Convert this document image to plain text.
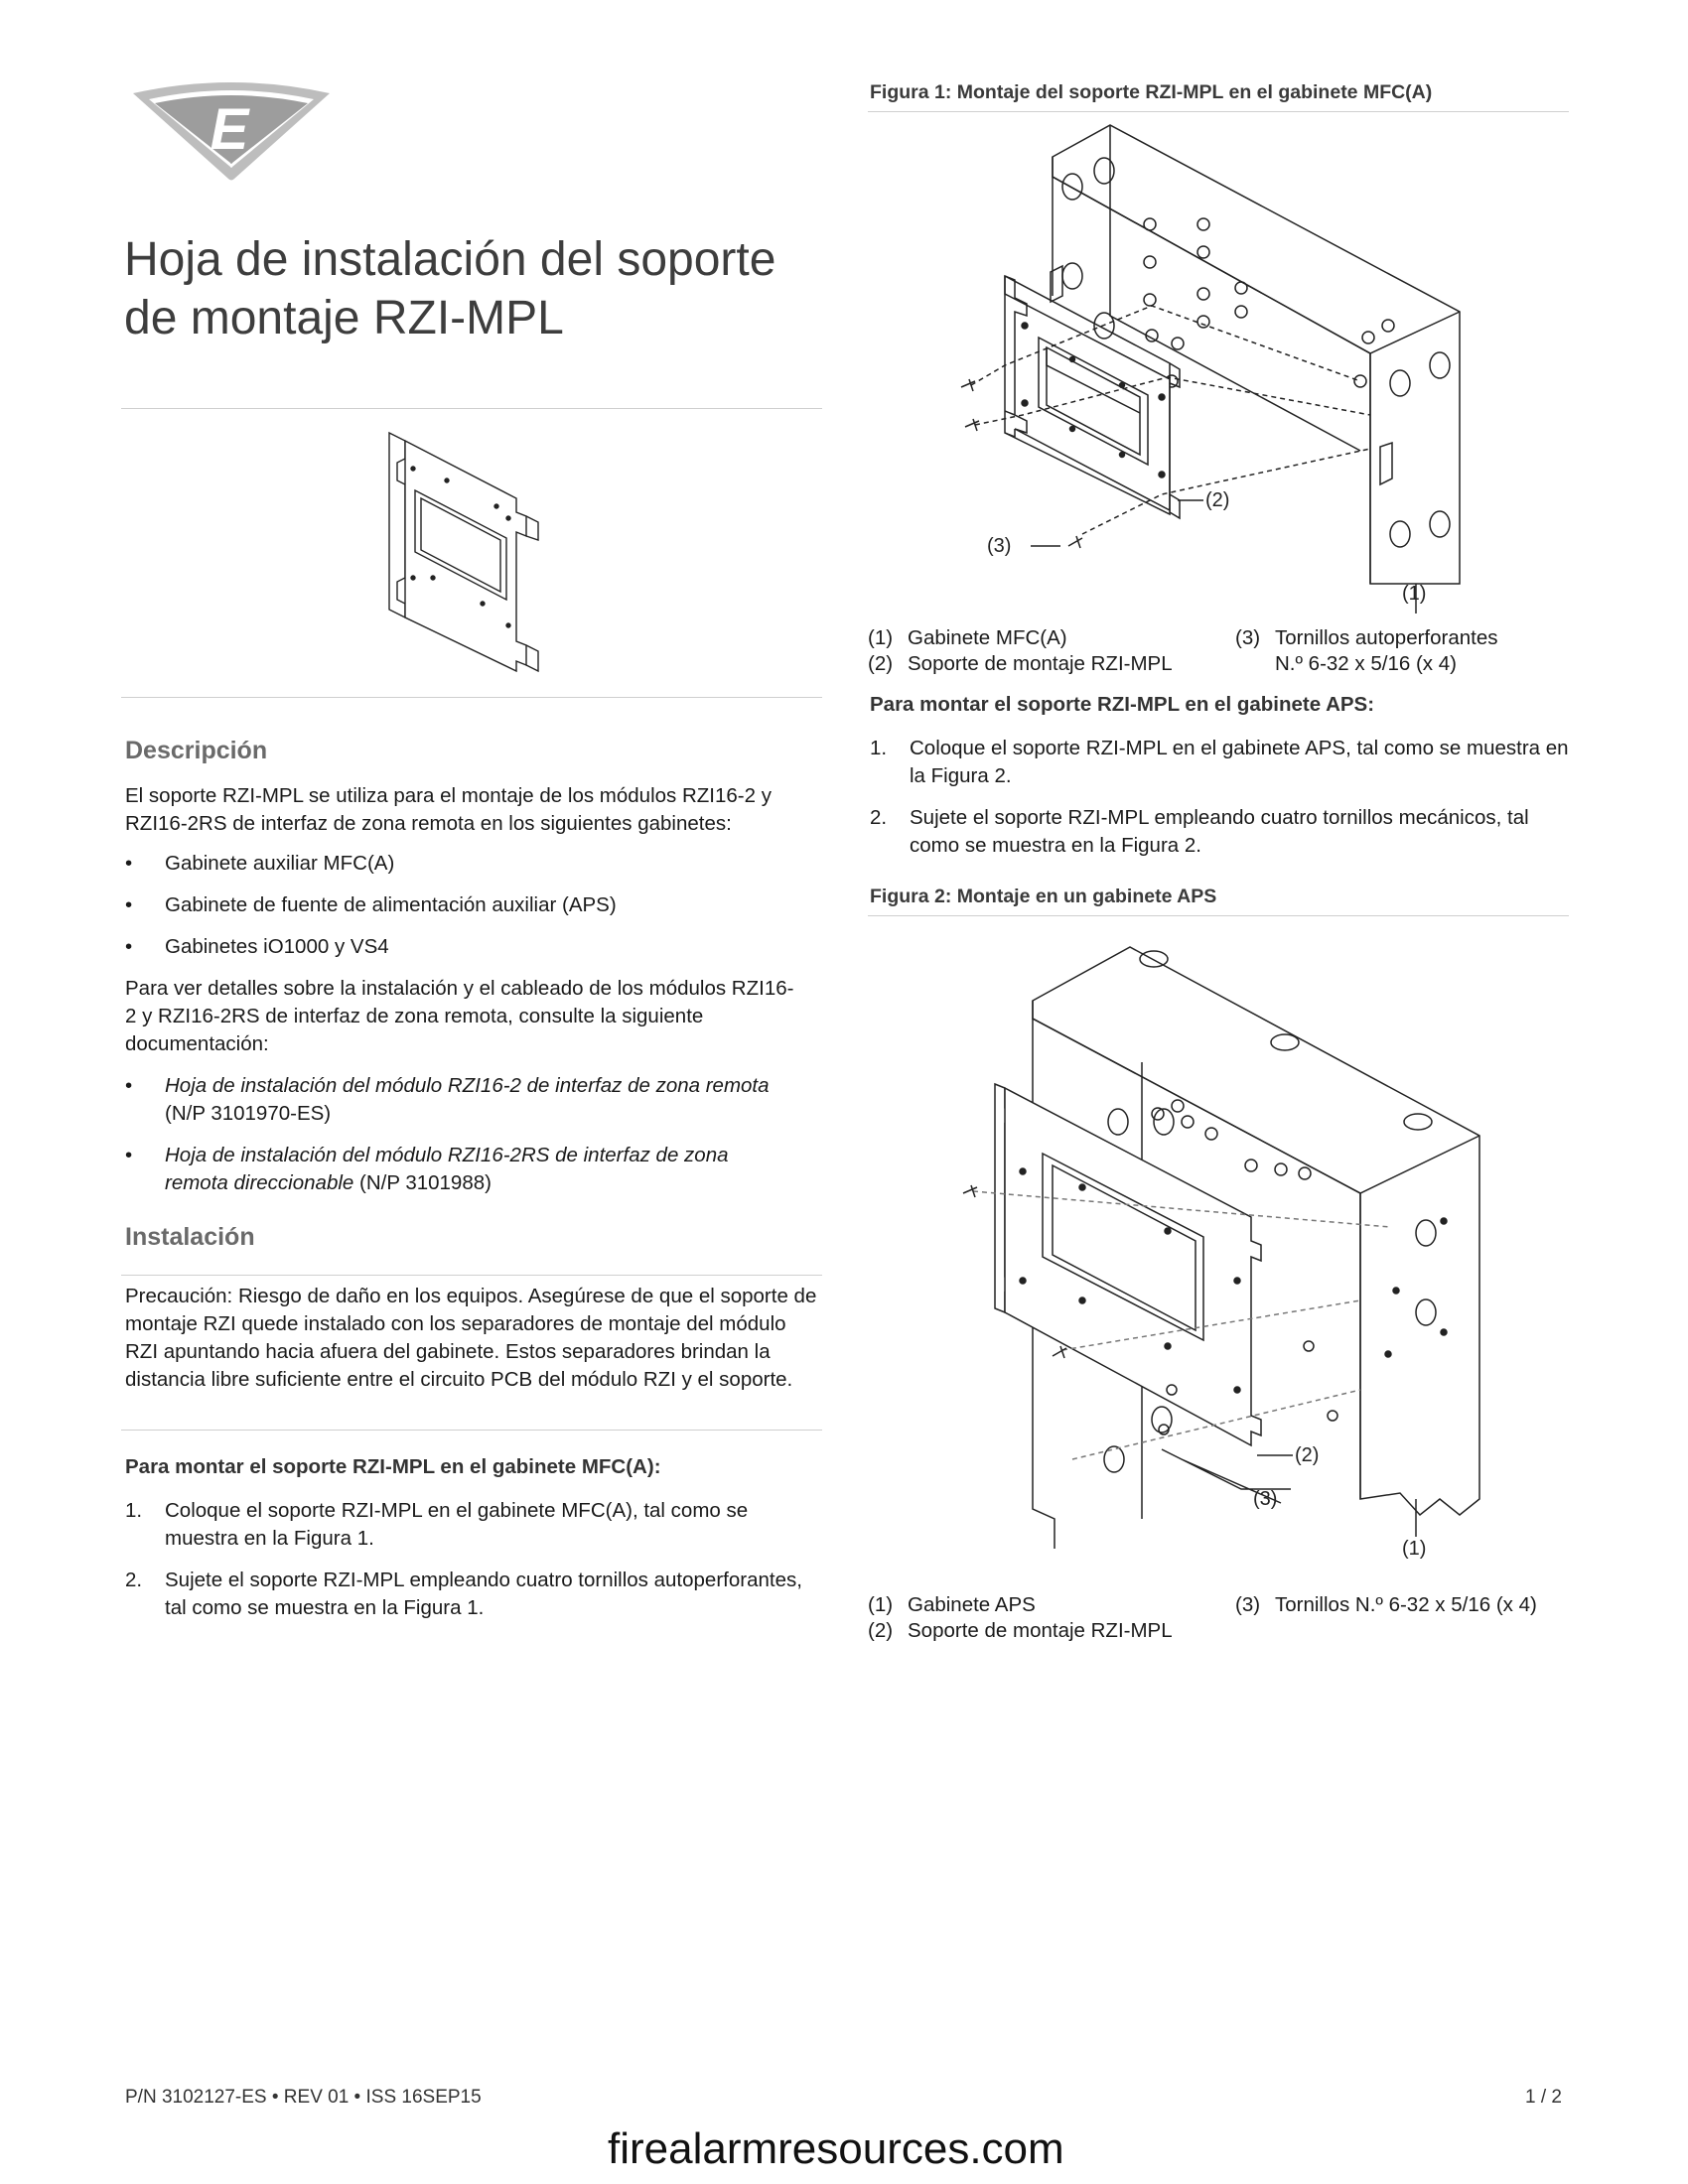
E
Hoja de instalación del soporte
de montaje RZI-MPL
Descripción

El soporte RZI-MPL se utiliza para el montaje de los módulos RZI16-2 y RZI16-2RS de interfaz de zona remota en los siguientes gabinetes:

• Gabinete auxiliar MFC(A)
• Gabinete de fuente de alimentación auxiliar (APS)
• Gabinetes iO1000 y VS4

Para ver detalles sobre la instalación y el cableado de los módulos RZI16-2 y RZI16-2RS de interfaz de zona remota, consulte la siguiente documentación:

• Hoja de instalación del módulo RZI16-2 de interfaz de zona remota (N/P 3101970-ES)
• Hoja de instalación del módulo RZI16-2RS de interfaz de zona remota direccionable (N/P 3101988)
Instalación

Precaución: Riesgo de daño en los equipos. Asegúrese de que el soporte de montaje RZI quede instalado con los separadores de montaje del módulo RZI apuntando hacia afuera del gabinete. Estos separadores brindan la distancia libre suficiente entre el circuito PCB del módulo RZI y el soporte.

Para montar el soporte RZI-MPL en el gabinete MFC(A):

1. Coloque el soporte RZI-MPL en el gabinete MFC(A), tal como se muestra en la Figura 1.
2. Sujete el soporte RZI-MPL empleando cuatro tornillos autoperforantes, tal como se muestra en la Figura 1.

Figura 1: Montaje del soporte RZI-MPL en el gabinete MFC(A)

(3)
(2)
(1)
(1) Gabinete MFC(A)
(2) Soporte de montaje RZI-MPL
(3) Tornillos autoperforantes
N.º 6-32 x 5/16 (x 4)

Para montar el soporte RZI-MPL en el gabinete APS:

1. Coloque el soporte RZI-MPL en el gabinete APS, tal como se muestra en la Figura 2.
2. Sujete el soporte RZI-MPL empleando cuatro tornillos mecánicos, tal como se muestra en la Figura 2.

Figura 2: Montaje en un gabinete APS

(2)
(3)
(1)
(1) Gabinete APS
(2) Soporte de montaje RZI-MPL
(3) Tornillos N.º 6-32 x 5/16 (x 4)
P/N 3102127-ES • REV 01 • ISS 16SEP15	1 / 2
firealarmresources.com
